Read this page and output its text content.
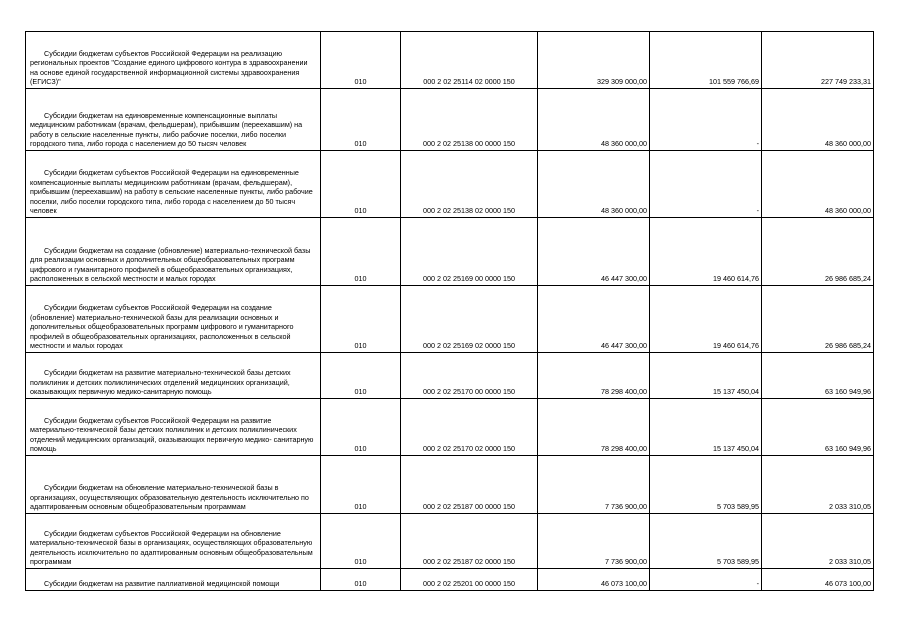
Субсидии бюджетам субъектов Российской Федерации на реализацию региональных проектов "Создание единого цифрового контура в здравоохранении на основе единой государственной информационной системы здравоохранения (ЕГИСЗ)"	010	000 2 02 25114 02 0000 150	329 309 000,00	101 559 766,69	227 749 233,31

Субсидии бюджетам на единовременные компенсационные выплаты медицинским работникам (врачам, фельдшерам), прибывшим (переехавшим) на работу в сельские населенные пункты, либо рабочие поселки, либо поселки городского типа, либо города с населением до 50 тысяч человек	010	000 2 02 25138 00 0000 150	48 360 000,00	-	48 360 000,00

Субсидии бюджетам субъектов Российской Федерации на единовременные компенсационные выплаты медицинским работникам (врачам, фельдшерам), прибывшим (переехавшим) на работу в сельские населенные пункты, либо рабочие поселки, либо поселки городского типа, либо города с населением до 50 тысяч человек	010	000 2 02 25138 02 0000 150	48 360 000,00	-	48 360 000,00

Субсидии бюджетам на создание (обновление) материально-технической базы для реализации основных и дополнительных общеобразовательных программ цифрового и гуманитарного профилей в общеобразовательных организациях, расположенных в сельской местности и малых городах	010	000 2 02 25169 00 0000 150	46 447 300,00	19 460 614,76	26 986 685,24

Субсидии бюджетам субъектов Российской Федерации на создание (обновление) материально-технической базы для реализации основных и дополнительных общеобразовательных программ цифрового и гуманитарного профилей в общеобразовательных организациях, расположенных в сельской местности и малых городах	010	000 2 02 25169 02 0000 150	46 447 300,00	19 460 614,76	26 986 685,24

Субсидии бюджетам на развитие материально-технической базы детских поликлиник и детских поликлинических отделений медицинских организаций, оказывающих первичную медико-санитарную помощь	010	000 2 02 25170 00 0000 150	78 298 400,00	15 137 450,04	63 160 949,96

Субсидии бюджетам субъектов Российской Федерации на развитие материально-технической базы детских поликлиник и детских поликлинических отделений медицинских организаций, оказывающих первичную медико- санитарную помощь	010	000 2 02 25170 02 0000 150	78 298 400,00	15 137 450,04	63 160 949,96

Субсидии бюджетам на обновление материально-технической базы в организациях, осуществляющих образовательную деятельность исключительно по адаптированным основным общеобразовательным программам	010	000 2 02 25187 00 0000 150	7 736 900,00	5 703 589,95	2 033 310,05

Субсидии бюджетам субъектов Российской Федерации на обновление материально-технической базы в организациях, осуществляющих образовательную деятельность исключительно по адаптированным основным общеобразовательным программам	010	000 2 02 25187 02 0000 150	7 736 900,00	5 703 589,95	2 033 310,05

Субсидии бюджетам на развитие паллиативной медицинской помощи	010	000 2 02 25201 00 0000 150	46 073 100,00	-	46 073 100,00
